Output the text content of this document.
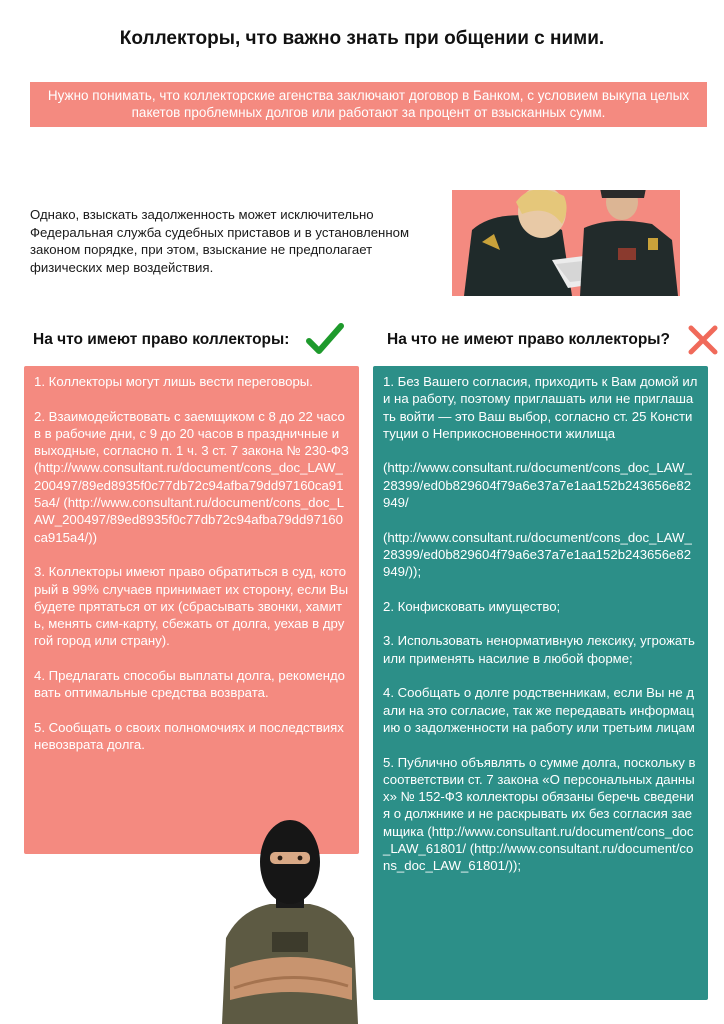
Коллекторы, что важно знать при общении с ними.
Нужно понимать, что коллекторские агенства заключают договор в Банком, с условием выкупа целых пакетов проблемных долгов или работают за процент от взысканных сумм.
Однако, взыскать задолженность может исключительно Федеральная служба судебных приставов и в установленном законом порядке, при этом, взыскание не предполагает физических мер воздействия.
На что имеют право коллекторы:	На что не имеют право коллекторы?

1. Коллекторы могут лишь вести переговоры.

2. Взаимодействовать с заемщиком с 8 до 22 часов в рабочие дни, с 9 до 20 часов в праздничные и выходные, согласно п. 1 ч. 3 ст. 7 закона № 230-ФЗ (http://www.consultant.ru/document/cons_doc_LAW_200497/89ed8935f0c77db72c94afba79dd97160ca915a4/ (http://www.consultant.ru/document/cons_doc_LAW_200497/89ed8935f0c77db72c94afba79dd97160ca915a4/))

3. Коллекторы имеют право обратиться в суд, который в 99% случаев принимает их сторону, если Вы будете прятаться от их (сбрасывать звонки, хамить, менять сим-карту, сбежать от долга, уехав в другой город или страну).

4. Предлагать способы выплаты долга, рекомендовать оптимальные средства возврата.

5. Сообщать о своих полномочиях и последствиях невозврата долга.

1. Без Вашего согласия, приходить к Вам домой или на работу, поэтому приглашать или не приглашать войти — это Ваш выбор, согласно ст. 25 Конституции о Неприкосновенности жилища

(http://www.consultant.ru/document/cons_doc_LAW_28399/ed0b829604f79a6e37a7e1aa152b243656e82949/

(http://www.consultant.ru/document/cons_doc_LAW_28399/ed0b829604f79a6e37a7e1aa152b243656e82949/));

2. Конфисковать имущество;

3. Использовать ненормативную лексику, угрожать или применять насилие в любой форме;

4. Сообщать о долге родственникам, если Вы не дали на это согласие, так же передавать информацию о задолженности на работу или третьим лицам

5. Публично объявлять о сумме долга, поскольку в соответствии ст. 7 закона «О персональных данных» № 152-ФЗ коллекторы обязаны беречь сведения о должнике и не раскрывать их без согласия заемщика (http://www.consultant.ru/document/cons_doc_LAW_61801/ (http://www.consultant.ru/document/cons_doc_LAW_61801/));
